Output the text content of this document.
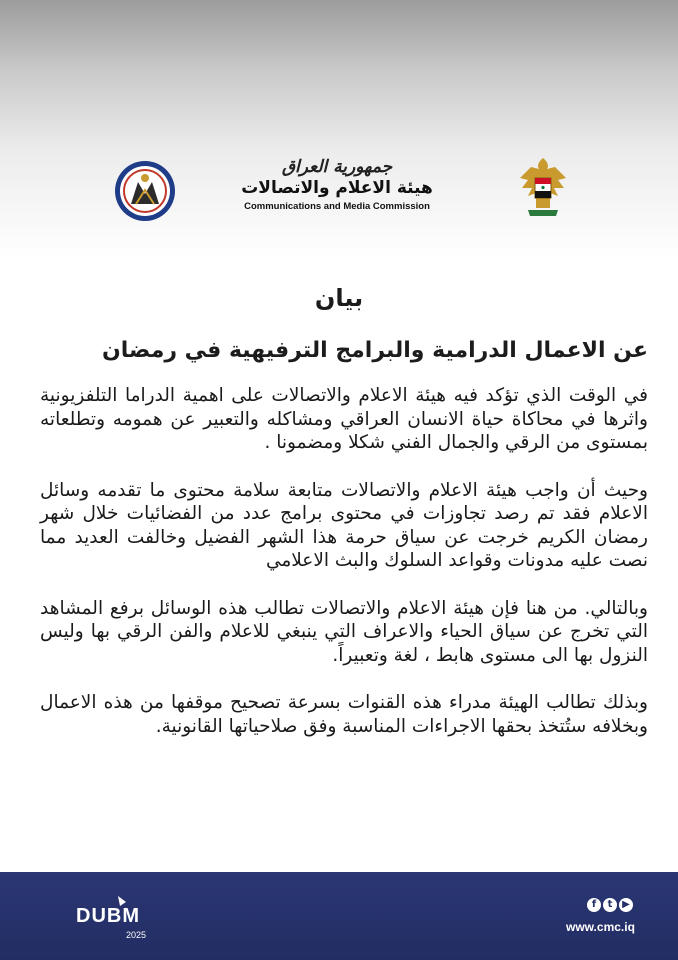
جمهورية العراق
هيئة الاعلام والاتصالات
Communications and Media Commission
بيان
عن الاعمال الدرامية والبرامج الترفيهية في رمضان

في الوقت الذي تؤكد فيه هيئة الاعلام والاتصالات على اهمية الدراما التلفزيونية واثرها في محاكاة حياة الانسان العراقي ومشاكله والتعبير عن همومه وتطلعاته بمستوى من الرقي والجمال الفني شكلا ومضمونا .

وحيث أن واجب هيئة الاعلام والاتصالات متابعة سلامة محتوى ما تقدمه وسائل الاعلام فقد تم رصد تجاوزات في محتوى برامج عدد من الفضائيات خلال شهر رمضان الكريم خرجت عن سياق حرمة هذا الشهر الفضيل وخالفت العديد مما نصت عليه مدونات وقواعد السلوك والبث الاعلامي

وبالتالي. من هنا فإن هيئة الاعلام والاتصالات تطالب هذه الوسائل برفع المشاهد التي تخرج عن سياق الحياء والاعراف التي ينبغي للاعلام والفن الرقي بها وليس النزول بها الى مستوى هابط ، لغة وتعبيراً.

وبذلك تطالب الهيئة مدراء هذه القنوات بسرعة تصحيح موقفها من هذه الاعمال وبخلافه ستُتخذ بحقها الاجراءات المناسبة وفق صلاحياتها القانونية.

DUBM
2025
f t ▶
www.cmc.iq
